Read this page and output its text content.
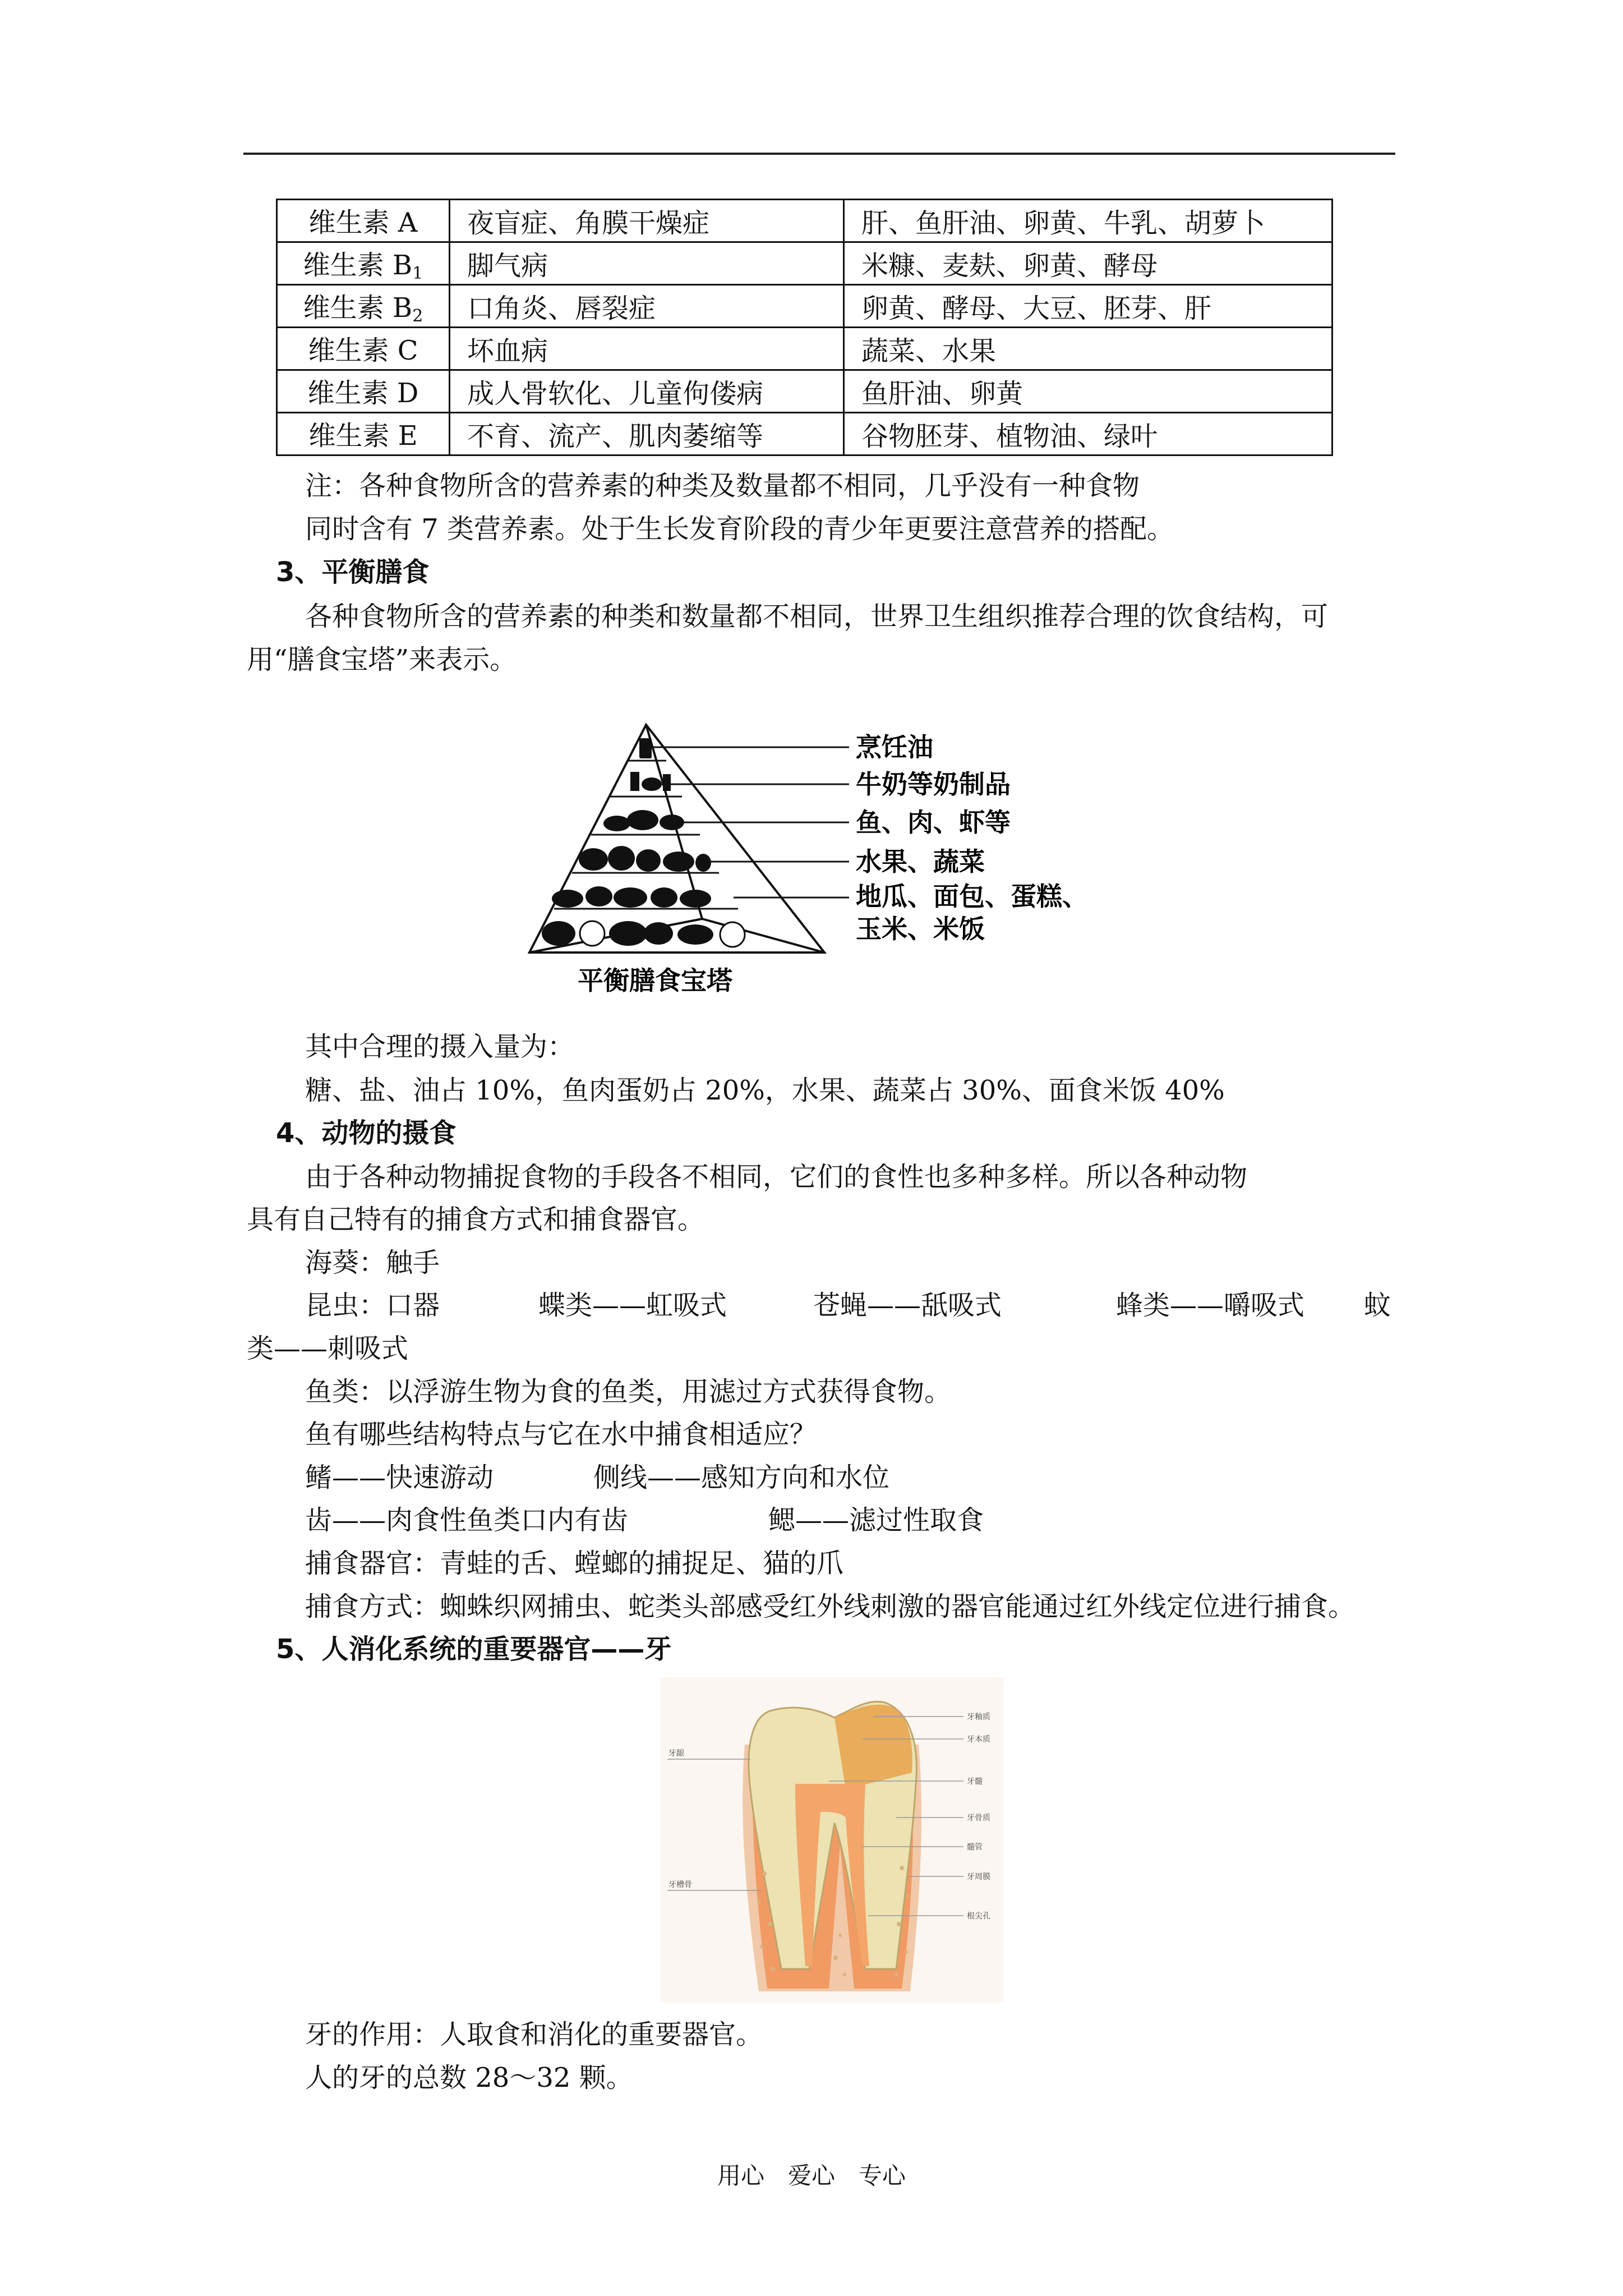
维生素 A	夜盲症、角膜干燥症	肝、鱼肝油、卵黄、牛乳、胡萝卜
维生素 $B_1$	脚气病	米糠、麦麸、卵黄、酵母
维生素 $B_2$	口角炎、唇裂症	卵黄、酵母、大豆、胚芽、肝
维生素 C	坏血病	蔬菜、水果
维生素 D	成人骨软化、儿童佝偻病	鱼肝油、卵黄
维生素 E	不育、流产、肌肉萎缩等	谷物胚芽、植物油、绿叶
注：各种食物所含的营养素的种类及数量都不相同，几乎没有一种食物
同时含有 7 类营养素。处于生长发育阶段的青少年更要注意营养的搭配。
3、平衡膳食
各种食物所含的营养素的种类和数量都不相同，世界卫生组织推荐合理的饮食结构，可
用“膳食宝塔”来表示。
烹饪油
牛奶等奶制品
鱼、肉、虾等
水果、蔬菜
地瓜、面包、蛋糕、
玉米、米饭
平衡膳食宝塔
其中合理的摄入量为：
糖、盐、油占 10%，鱼肉蛋奶占 20%，水果、蔬菜占 30%、面食米饭 40%
4、动物的摄食
由于各种动物捕捉食物的手段各不相同，它们的食性也多种多样。所以各种动物
具有自己特有的捕食方式和捕食器官。
海葵：触手
昆虫：口器	蝶类——虹吸式	苍蝇——舐吸式	蜂类——嚼吸式 蚊
类——刺吸式
鱼类：以浮游生物为食的鱼类，用滤过方式获得食物。
鱼有哪些结构特点与它在水中捕食相适应？
鳍——快速游动	侧线——感知方向和水位
齿——肉食性鱼类口内有齿	鳃——滤过性取食
捕食器官：青蛙的舌、螳螂的捕捉足、猫的爪
捕食方式：蜘蛛织网捕虫、蛇类头部感受红外线刺激的器官能通过红外线定位进行捕食。
5、人消化系统的重要器官——牙
牙釉质
牙本质
牙髓
牙骨质
髓管
牙周膜
根尖孔
牙龈
牙槽骨
牙的作用：人取食和消化的重要器官。
人的牙的总数 28～32 颗。
用心　爱心　专心
